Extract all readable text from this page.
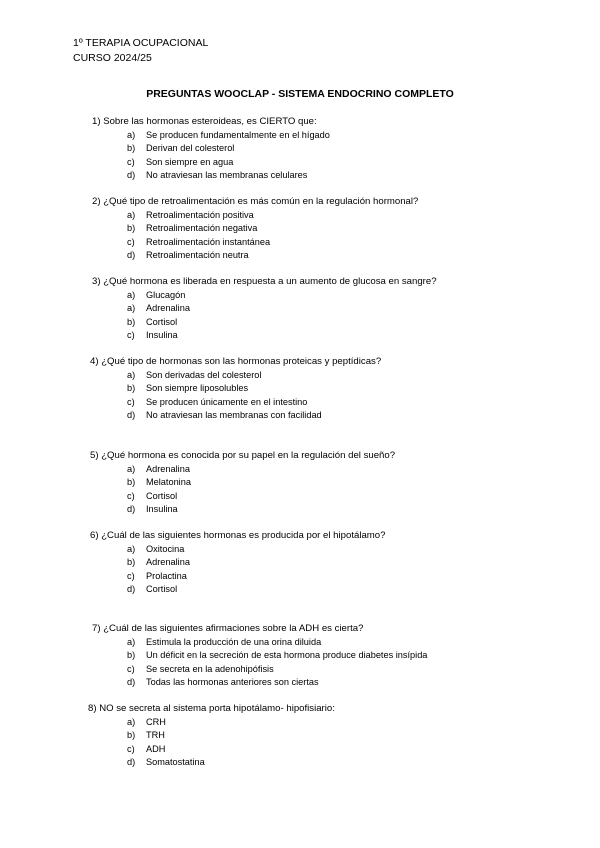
1º TERAPIA OCUPACIONAL
CURSO 2024/25
PREGUNTAS WOOCLAP - SISTEMA ENDOCRINO COMPLETO
1) Sobre las hormonas esteroideas, es CIERTO que:
a) Se producen fundamentalmente en el hígado
b) Derivan del colesterol
c) Son siempre en agua
d) No atraviesan las membranas celulares
2) ¿Qué tipo de retroalimentación es más común en la regulación hormonal?
a) Retroalimentación positiva
b) Retroalimentación negativa
c) Retroalimentación instantánea
d) Retroalimentación neutra
3) ¿Qué hormona es liberada en respuesta a un aumento de glucosa en sangre?
a) Glucagón
a) Adrenalina
b) Cortisol
c) Insulina
4) ¿Qué tipo de hormonas son las hormonas proteicas y peptídicas?
a) Son derivadas del colesterol
b) Son siempre liposolubles
c) Se producen únicamente en el intestino
d) No atraviesan las membranas con facilidad
5) ¿Qué hormona es conocida por su papel en la regulación del sueño?
a) Adrenalina
b) Melatonina
c) Cortisol
d) Insulina
6) ¿Cuál de las siguientes hormonas es producida por el hipotálamo?
a) Oxitocina
b) Adrenalina
c) Prolactina
d) Cortisol
7) ¿Cuál de las siguientes afirmaciones sobre la ADH es cierta?
a) Estimula la producción de una orina diluida
b) Un déficit en la secreción de esta hormona produce diabetes insípida
c) Se secreta en la adenohipófisis
d) Todas las hormonas anteriores son ciertas
8) NO se secreta al sistema porta hipotálamo- hipofisiario:
a) CRH
b) TRH
c) ADH
d) Somatostatina
